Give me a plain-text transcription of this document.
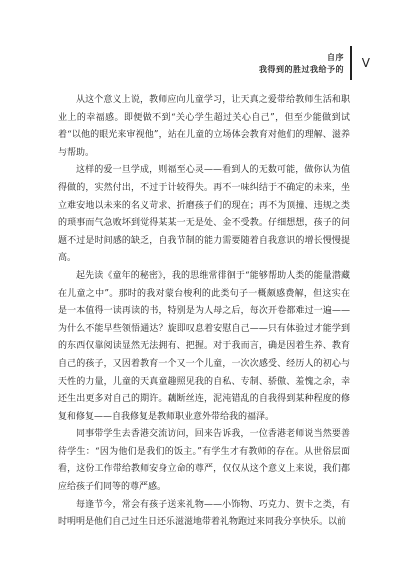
自序
我得到的胜过我给予的 V

从这个意义上说，教师应向儿童学习，让天真之爱带给教师生活和职业上的幸福感。即便做不到“关心学生超过关心自己”，但至少能做到试着“以他的眼光来审视他”，站在儿童的立场体会教育对他们的理解、滋养与帮助。

这样的爱一旦学成，则福至心灵——看到人的无数可能，做你认为值得做的，实然付出，不过于计较得失。再不一味纠结于不确定的未来，坐立难安地以未来的名义苛求、折磨孩子们的现在；再不为顶撞、违规之类的琐事而气急败坏到觉得某某一无是处、金不受教。仔细想想，孩子的问题不过是时间感的缺乏，自我节制的能力需要随着自我意识的增长慢慢提高。

起先读《童年的秘密》，我的思维常徘徊于“能够帮助人类的能量潜藏在儿童之中”。那时的我对蒙台梭利的此类句子一概颇感费解，但这实在是一本值得一读再读的书，特别是为人母之后，每次开卷都难过一遍——为什么不能早些领悟通达？旋即叹息着安慰自己——只有体验过才能学到的东西仅靠阅读显然无法拥有、把握。对于我而言，确是因着生养、教育自己的孩子，又因着教育一个又一个儿童，一次次感受、经历人的初心与天性的力量，儿童的天真童趣照见我的自私、专制、骄傲、羞愧之余，幸还生出更多对自己的期许。藕断丝连，泥沌错乱的自我得到某种程度的修复和修复——自我修复是教师职业意外带给我的福泽。

同事带学生去香港交流访问，回来告诉我，一位香港老师说当然要善待学生：“因为他们是我们的饭主。”有学生才有教师的存在。从世俗层面看，这份工作带给教师安身立命的尊严，仅仅从这个意义上来说，我们都应给孩子们同等的尊严感。

每逢节今，常会有孩子送来礼物——小饰物、巧克力、贺卡之类，有时明明是他们自己过生日还乐滋滋地带着礼物跑过来同我分享快乐。以前
